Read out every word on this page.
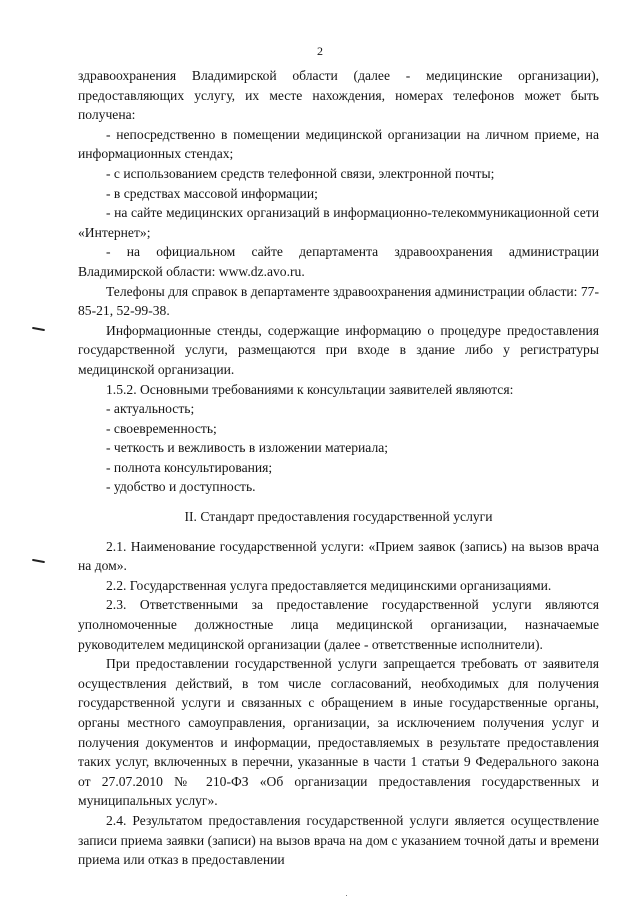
2

здравоохранения Владимирской области (далее - медицинские организации), предоставляющих услугу, их месте нахождения, номерах телефонов может быть получена:

- непосредственно в помещении медицинской организации на личном приеме, на информационных стендах;

- с использованием средств телефонной связи, электронной почты;

- в средствах массовой информации;

- на сайте медицинских организаций в информационно-телекоммуникационной сети «Интернет»;

- на официальном сайте департамента здравоохранения администрации Владимирской области: www.dz.avo.ru.

Телефоны для справок в департаменте здравоохранения администрации области: 77-85-21, 52-99-38.

Информационные стенды, содержащие информацию о процедуре предоставления государственной услуги, размещаются при входе в здание либо у регистратуры медицинской организации.

1.5.2. Основными требованиями к консультации заявителей являются:

- актуальность;

- своевременность;

- четкость и вежливость в изложении материала;

- полнота консультирования;

- удобство и доступность.

II. Стандарт предоставления государственной услуги

2.1. Наименование государственной услуги: «Прием заявок (запись) на вызов врача на дом».

2.2. Государственная услуга предоставляется медицинскими организациями.

2.3. Ответственными за предоставление государственной услуги являются уполномоченные должностные лица медицинской организации, назначаемые руководителем медицинской организации (далее - ответственные исполнители).

При предоставлении государственной услуги запрещается требовать от заявителя осуществления действий, в том числе согласований, необходимых для получения государственной услуги и связанных с обращением в иные государственные органы, органы местного самоуправления, организации, за исключением получения услуг и получения документов и информации, предоставляемых в результате предоставления таких услуг, включенных в перечни, указанные в части 1 статьи 9 Федерального закона от 27.07.2010 № 210-ФЗ «Об организации предоставления государственных и муниципальных услуг».

2.4. Результатом предоставления государственной услуги является осуществление записи приема заявки (записи) на вызов врача на дом с указанием точной даты и времени приема или отказ в предоставлении
